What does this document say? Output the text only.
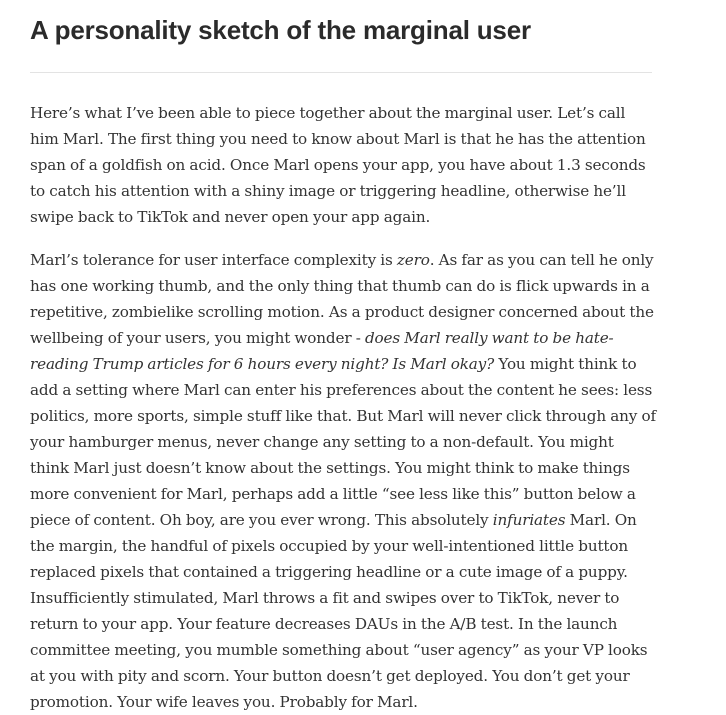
A personality sketch of the marginal user

Here’s what I’ve been able to piece together about the marginal user. Let’s call him Marl. The first thing you need to know about Marl is that he has the attention span of a goldfish on acid. Once Marl opens your app, you have about 1.3 seconds to catch his attention with a shiny image or triggering headline, otherwise he’ll swipe back to TikTok and never open your app again.

Marl’s tolerance for user interface complexity is zero. As far as you can tell he only has one working thumb, and the only thing that thumb can do is flick upwards in a repetitive, zombielike scrolling motion. As a product designer concerned about the wellbeing of your users, you might wonder - does Marl really want to be hate-reading Trump articles for 6 hours every night? Is Marl okay? You might think to add a setting where Marl can enter his preferences about the content he sees: less politics, more sports, simple stuff like that. But Marl will never click through any of your hamburger menus, never change any setting to a non-default. You might think Marl just doesn’t know about the settings. You might think to make things more convenient for Marl, perhaps add a little “see less like this” button below a piece of content. Oh boy, are you ever wrong. This absolutely infuriates Marl. On the margin, the handful of pixels occupied by your well-intentioned little button replaced pixels that contained a triggering headline or a cute image of a puppy. Insufficiently stimulated, Marl throws a fit and swipes over to TikTok, never to return to your app. Your feature decreases DAUs in the A/B test. In the launch committee meeting, you mumble something about “user agency” as your VP looks at you with pity and scorn. Your button doesn’t get deployed. You don’t get your promotion. Your wife leaves you. Probably for Marl.
